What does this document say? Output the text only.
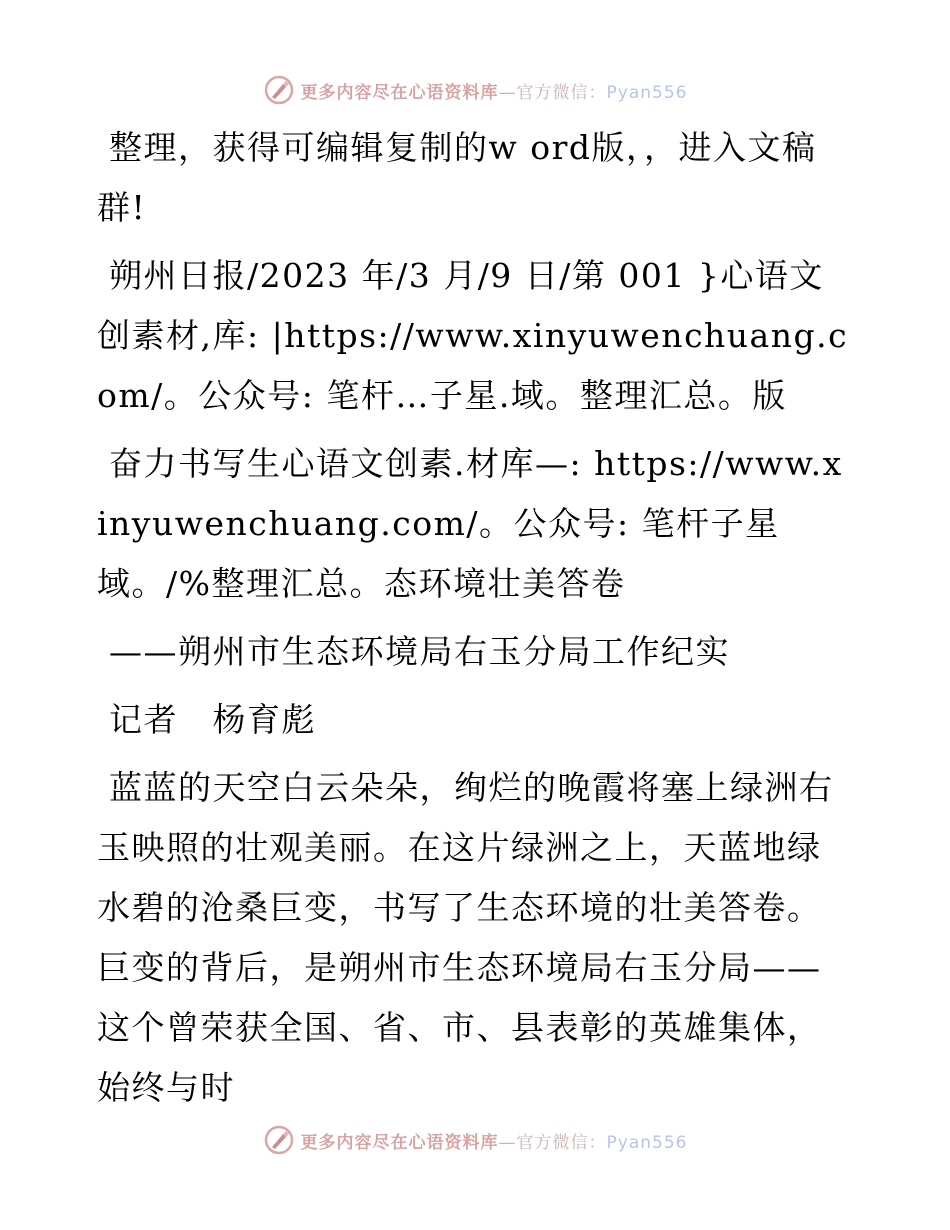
更多内容尽在心语资料库—官方微信：Pyan556

整理，获得可编辑复制的w ord版，，进入文稿群!

朔州日报/2023 年/3 月/9 日/第 001 }心语文创素材,库: |https://www.xinyuwenchuang.com/。公众号: 笔杆…子星.域。整理汇总。版

奋力书写生心语文创素.材库—: https://www.xinyuwenchuang.com/。公众号: 笔杆子星域。/%整理汇总。态环境壮美答卷

——朔州市生态环境局右玉分局工作纪实

记者　杨育彪

蓝蓝的天空白云朵朵，绚烂的晚霞将塞上绿洲右玉映照的壮观美丽。在这片绿洲之上，天蓝地绿水碧的沧桑巨变，书写了生态环境的壮美答卷。巨变的背后，是朔州市生态环境局右玉分局——这个曾荣获全国、省、市、县表彰的英雄集体，始终与时

更多内容尽在心语资料库—官方微信：Pyan556
